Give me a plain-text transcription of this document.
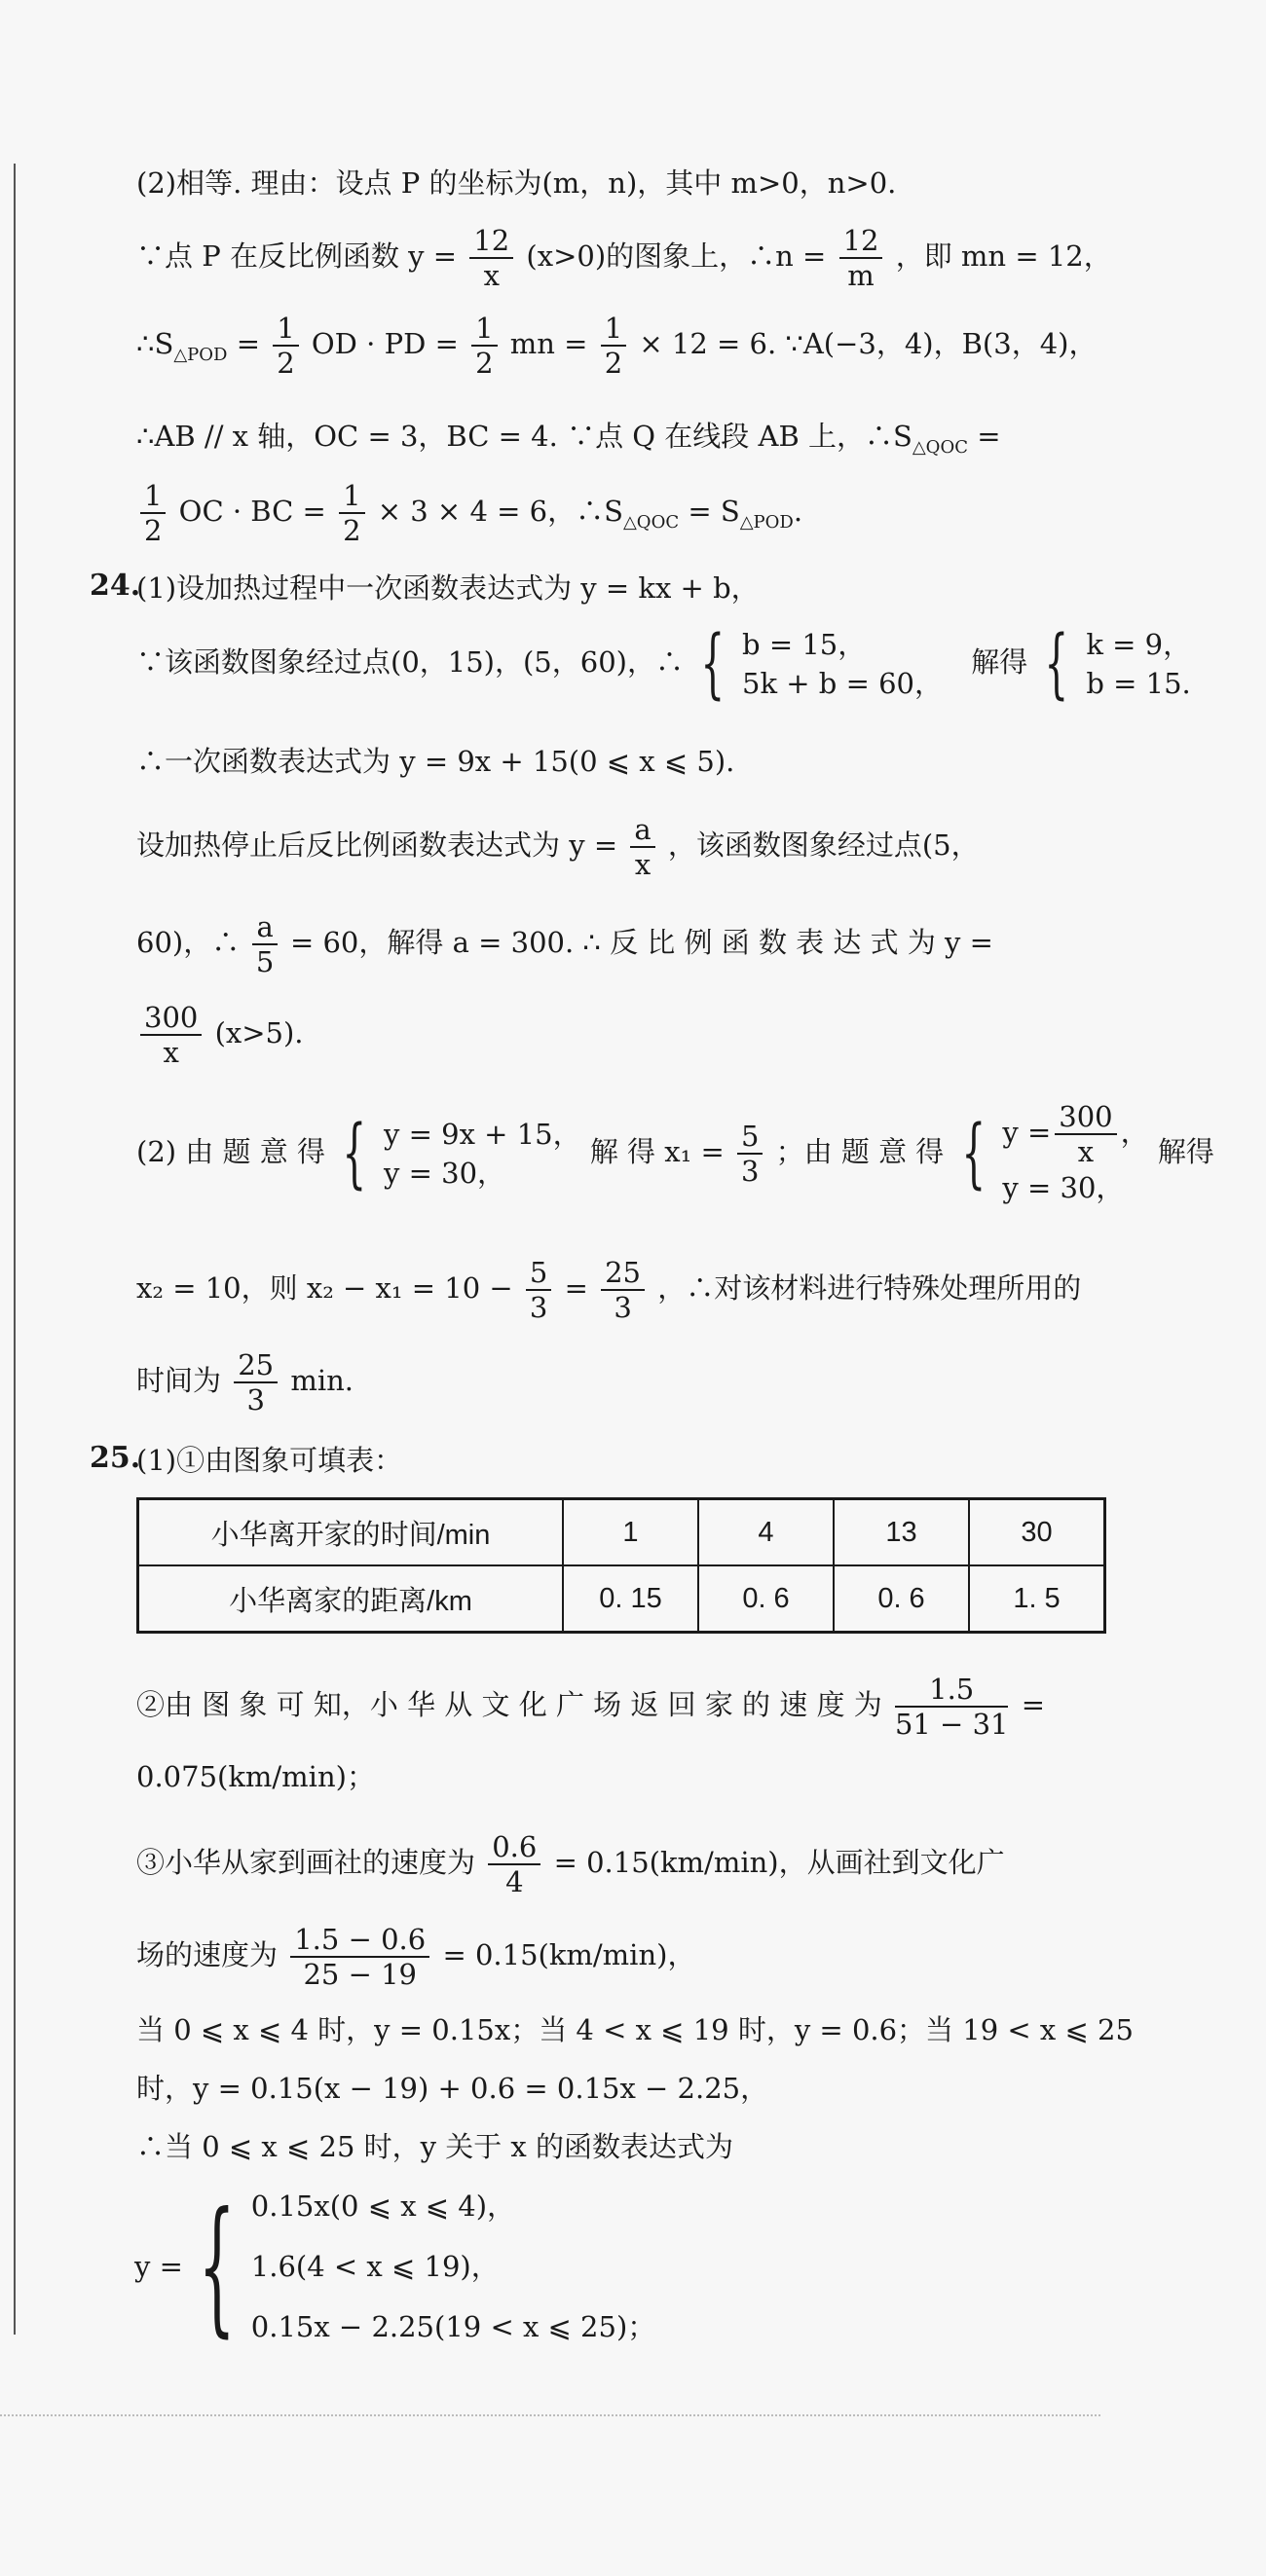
(2)相等. 理由：设点 P 的坐标为(m，n)，其中 m>0，n>0.
∵点 P 在反比例函数 $y = \frac{12}{x} (x>0)$的图象上，∴n = $\frac{12}{m}$ ，即 mn = 12，
$\therefore S_{\triangle POD} = \frac{1}{2}$ OD · PD = $\frac{1}{2}$ mn = $\frac{1}{2} \times 12 = 6$. ∵A(−3，4)，B(3，4)，
∴AB // x 轴，OC = 3，BC = 4. ∵点 Q 在线段 AB 上，$\therefore S_{\triangle QOC}$ =
$\frac{1}{2}$ OC · BC = $\frac{1}{2} \times 3 \times 4 = 6$，$\therefore S_{\triangle QOC} = S_{\triangle POD}$.
24.
(1)设加热过程中一次函数表达式为 y = kx + b，
∵该函数图象经过点(0，15)，(5，60)，∴ { b = 15，
5k + b = 60，
解得 { k = 9，
b = 15.
∴一次函数表达式为 y = 9x + 15(0 ⩽ x ⩽ 5).
设加热停止后反比例函数表达式为 $y = \frac{a}{x}$ ，该函数图象经过点(5，
60)，∴ $\frac{a}{5} = 60$，解得 a = 300. ∴ 反 比 例 函 数 表 达 式 为 y =
$\frac{300}{x} (x>5)$.
(2) 由 题 意 得 { y = 9x + 15，
y = 30，
解 得 $x_1 = \frac{5}{3}$ ；由 题 意 得 { $y = \frac{300}{x}$ ，
y = 30，
解得
x₂ = 10，则 $x_2 - x_1 = 10 - \frac{5}{3} = \frac{25}{3}$ ，∴对该材料进行特殊处理所用的
时间为 $\frac{25}{3} \min$.
25.
(1)①由图象可填表：
小华离开家的时间/min	1	4	13	30
小华离家的距离/km	0. 15	0. 6	0. 6	1. 5
②由 图 象 可 知，小 华 从 文 化 广 场 返 回 家 的 速 度 为 $\frac{1.5}{51 - 31}$ =
0.075(km/min)；
③小华从家到画社的速度为 $\frac{0.6}{4} = 0.15(km/\min)$，从画社到文化广
场的速度为 $\frac{1.5 - 0.6}{25 - 19} = 0.15(km/\min)$，
当 0 ⩽ x ⩽ 4 时，y = 0.15x；当 4 < x ⩽ 19 时，y = 0.6；当 19 < x ⩽ 25
时，y = 0.15(x − 19) + 0.6 = 0.15x − 2.25，
∴当 0 ⩽ x ⩽ 25 时，y 关于 x 的函数表达式为
y = { 0.15x(0 ⩽ x ⩽ 4)，
1.6(4 < x ⩽ 19)，
0.15x − 2.25(19 < x ⩽ 25)；
